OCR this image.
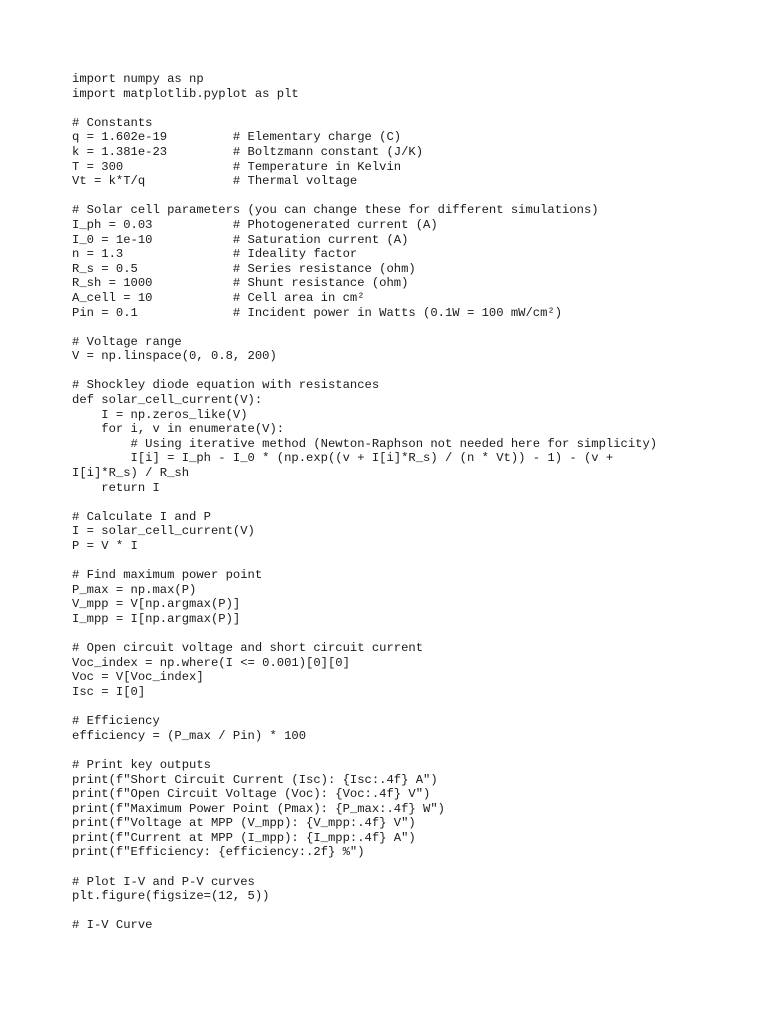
import numpy as np
import matplotlib.pyplot as plt
# Constants
q = 1.602e-19         # Elementary charge (C)
k = 1.381e-23         # Boltzmann constant (J/K)
T = 300               # Temperature in Kelvin
Vt = k*T/q            # Thermal voltage
# Solar cell parameters (you can change these for different simulations)
I_ph = 0.03           # Photogenerated current (A)
I_0 = 1e-10           # Saturation current (A)
n = 1.3               # Ideality factor
R_s = 0.5             # Series resistance (ohm)
R_sh = 1000           # Shunt resistance (ohm)
A_cell = 10           # Cell area in cm²
Pin = 0.1             # Incident power in Watts (0.1W = 100 mW/cm²)
# Voltage range
V = np.linspace(0, 0.8, 200)
# Shockley diode equation with resistances
def solar_cell_current(V):
I = np.zeros_like(V)
for i, v in enumerate(V):
# Using iterative method (Newton-Raphson not needed here for simplicity)
I[i] = I_ph - I_0 * (np.exp((v + I[i]*R_s) / (n * Vt)) - 1) - (v +
I[i]*R_s) / R_sh
return I
# Calculate I and P
I = solar_cell_current(V)
P = V * I
# Find maximum power point
P_max = np.max(P)
V_mpp = V[np.argmax(P)]
I_mpp = I[np.argmax(P)]
# Open circuit voltage and short circuit current
Voc_index = np.where(I <= 0.001)[0][0]
Voc = V[Voc_index]
Isc = I[0]
# Efficiency
efficiency = (P_max / Pin) * 100
# Print key outputs
print(f"Short Circuit Current (Isc): {Isc:.4f} A")
print(f"Open Circuit Voltage (Voc): {Voc:.4f} V")
print(f"Maximum Power Point (Pmax): {P_max:.4f} W")
print(f"Voltage at MPP (V_mpp): {V_mpp:.4f} V")
print(f"Current at MPP (I_mpp): {I_mpp:.4f} A")
print(f"Efficiency: {efficiency:.2f} %")
# Plot I-V and P-V curves
plt.figure(figsize=(12, 5))
# I-V Curve
